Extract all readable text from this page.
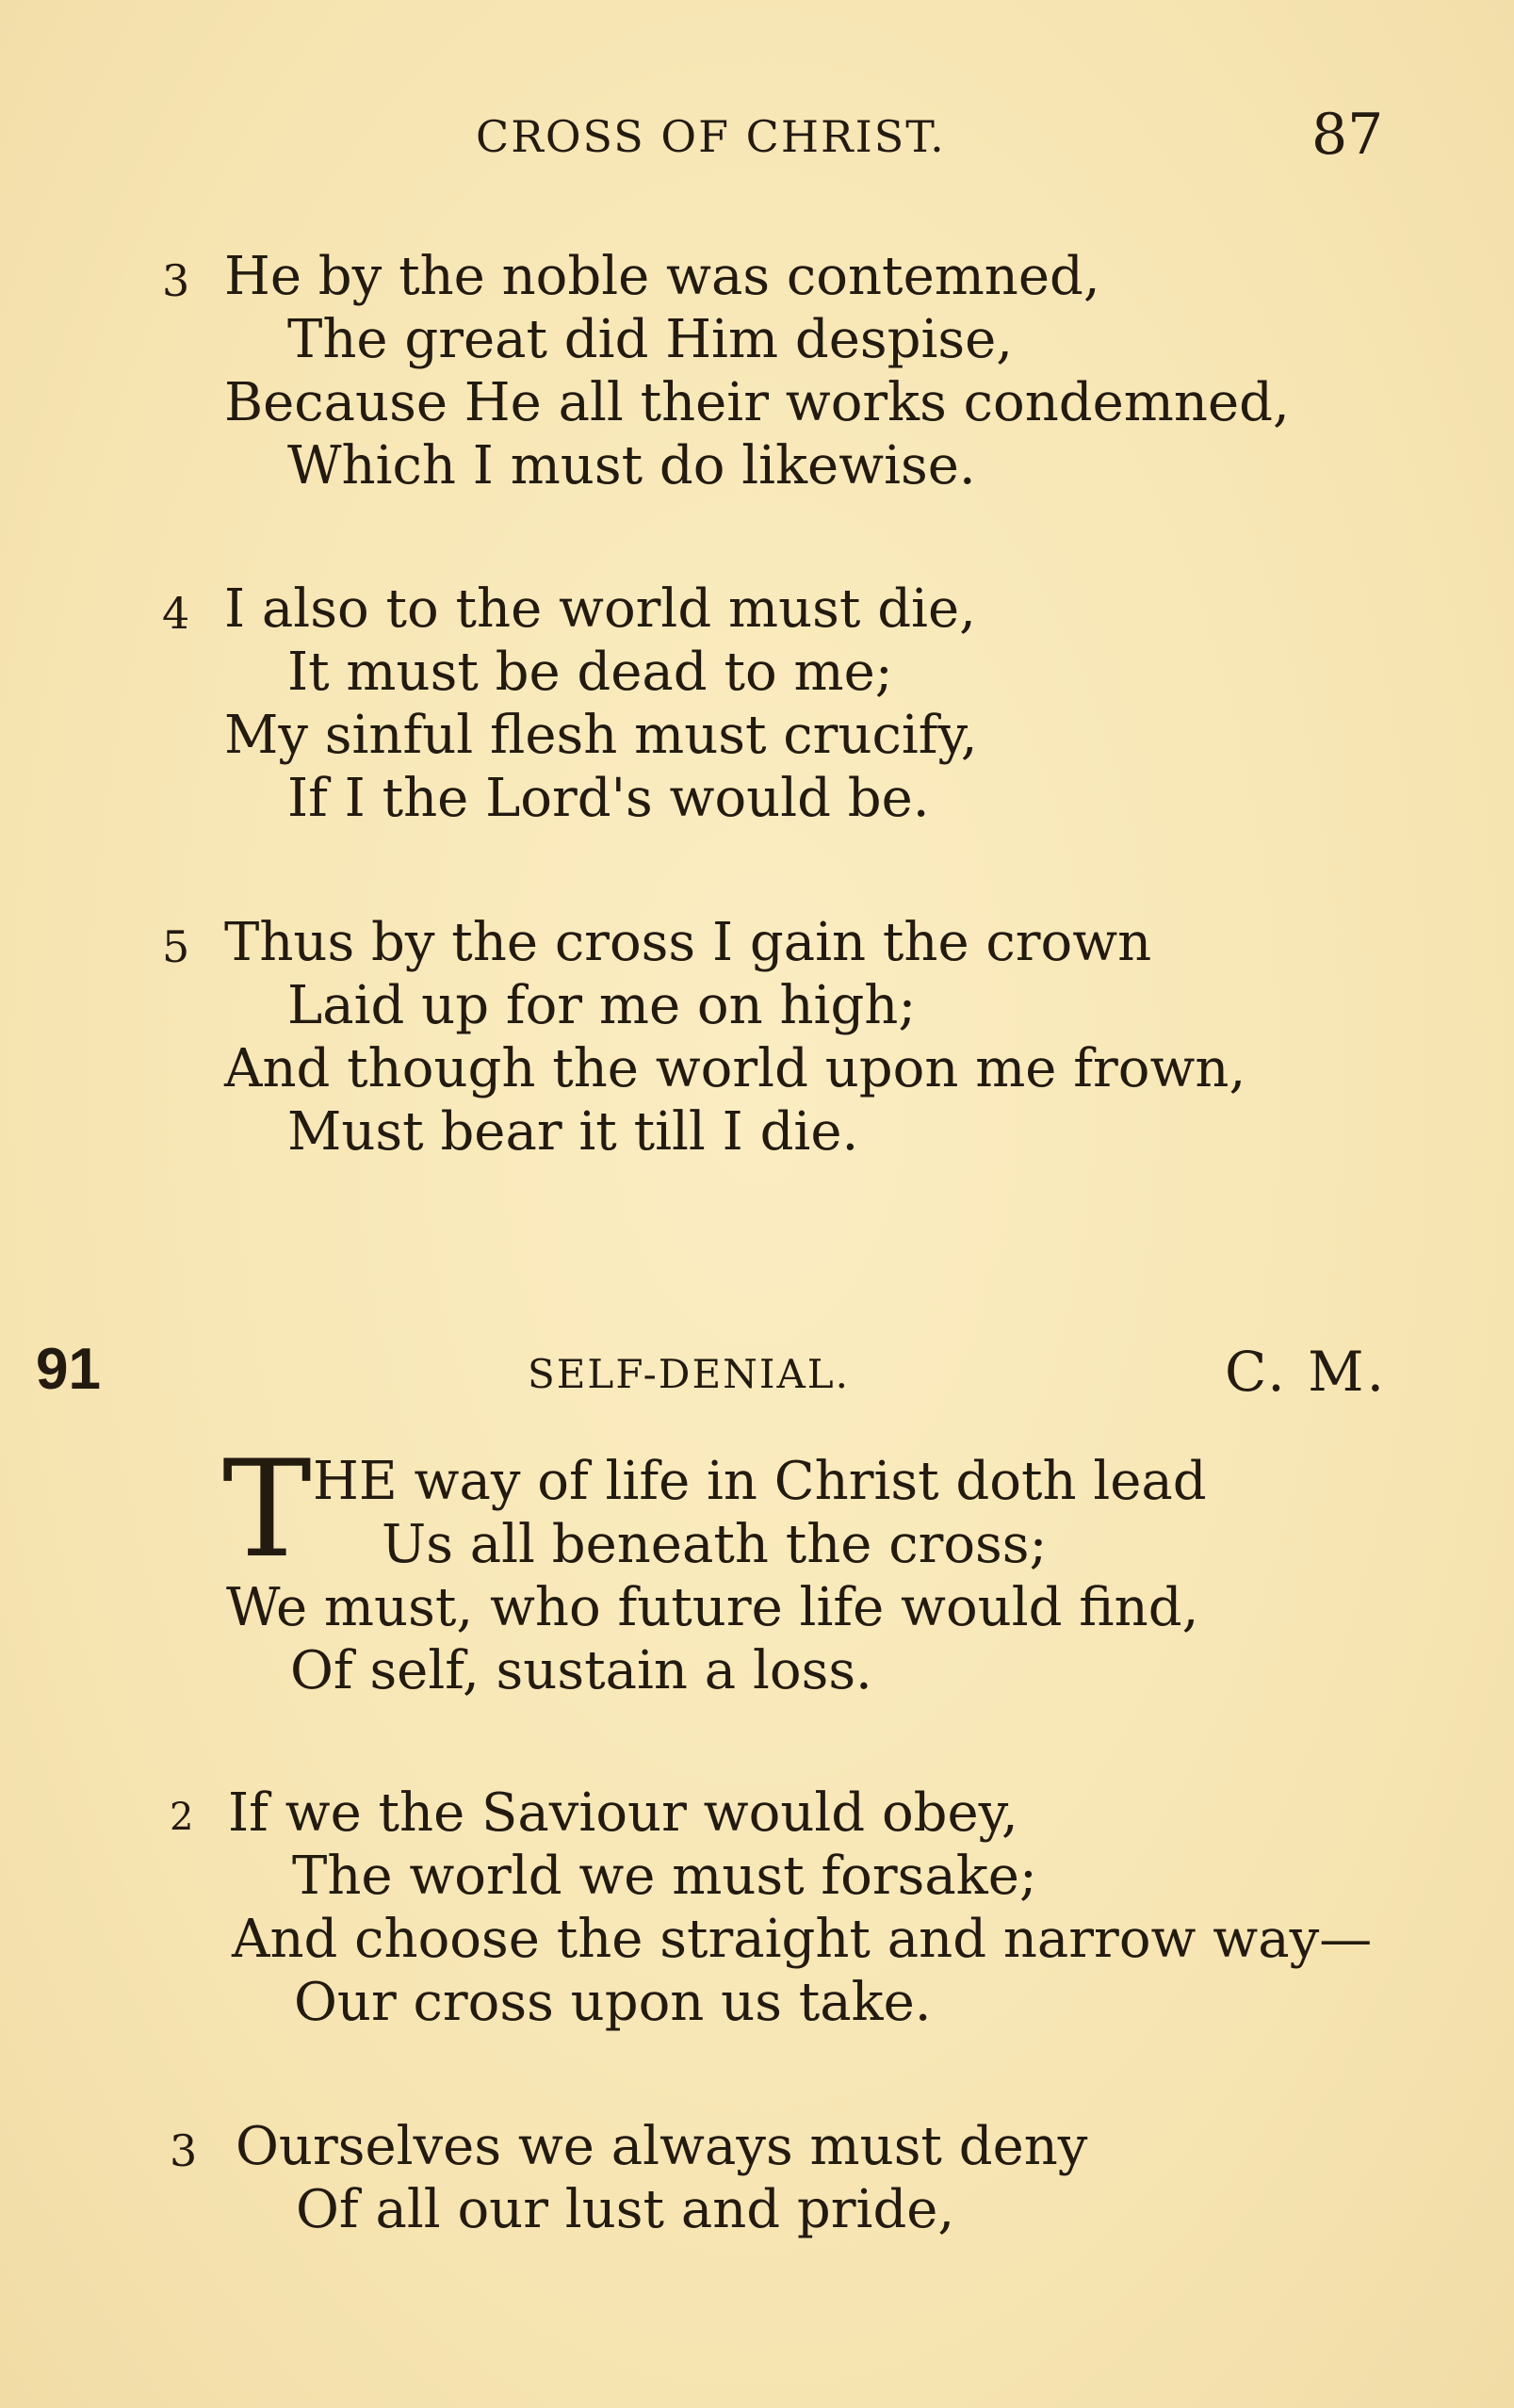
CROSS OF CHRIST.	87
3 He by the noble was contemned,
The great did Him despise,
Because He all their works condemned,
Which I must do likewise.
4 I also to the world must die,
It must be dead to me;
My sinful flesh must crucify,
If I the Lord's would be.
5 Thus by the cross I gain the crown
Laid up for me on high;
And though the world upon me frown,
Must bear it till I die.
91	SELF-DENIAL.	C. M.
T HE way of life in Christ doth lead
Us all beneath the cross;
We must, who future life would find,
Of self, sustain a loss.
2 If we the Saviour would obey,
The world we must forsake;
And choose the straight and narrow way—
Our cross upon us take.
3 Ourselves we always must deny
Of all our lust and pride,
